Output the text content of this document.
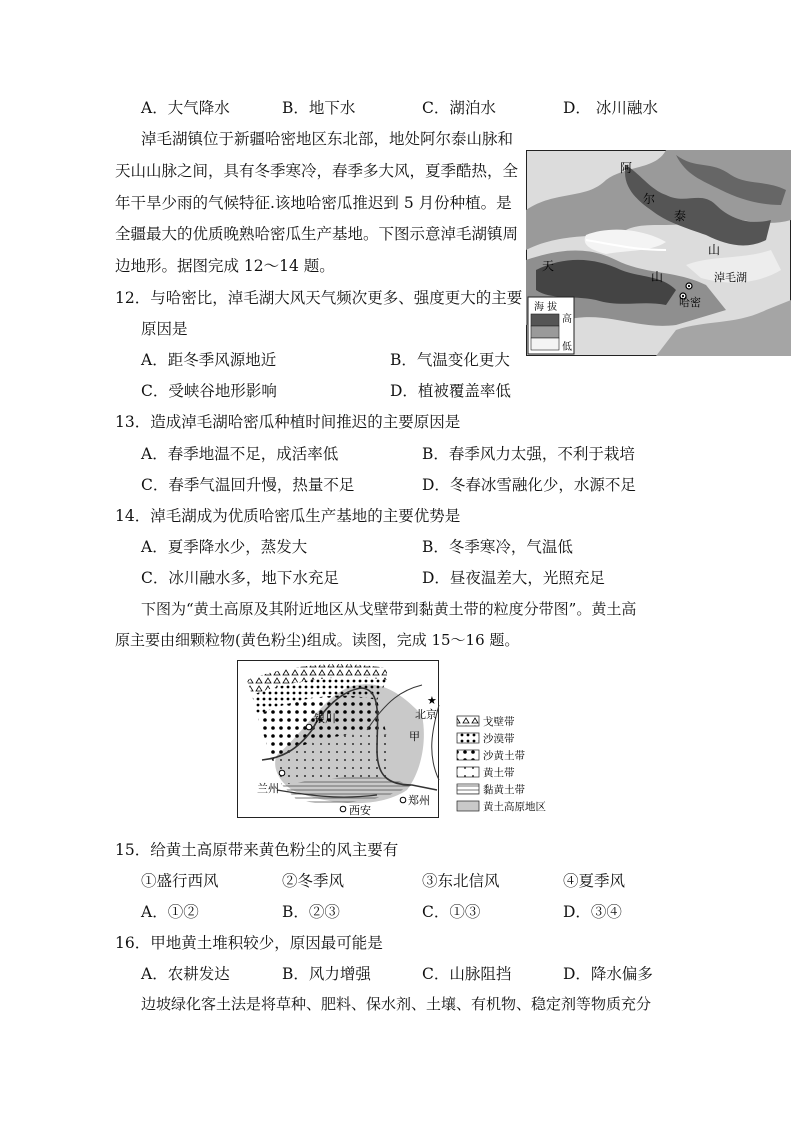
A．大气降水	B．地下水	C．湖泊水	D． 冰川融水
淖毛湖镇位于新疆哈密地区东北部，地处阿尔泰山脉和
天山山脉之间，具有冬季寒冷，春季多大风，夏季酷热，全
年干旱少雨的气候特征.该地哈密瓜推迟到 5 月份种植。是
全疆最大的优质晚熟哈密瓜生产基地。下图示意淖毛湖镇周
边地形。据图完成 12～14 题。
阿
尔
泰
山
天
山	淖毛湖
哈密
海 拔
高
低
12．与哈密比，淖毛湖大风天气频次更多、强度更大的主要
原因是
A．距冬季风源地近	B．气温变化更大
C．受峡谷地形影响	D．植被覆盖率低
13．造成淖毛湖哈密瓜种植时间推迟的主要原因是
A．春季地温不足，成活率低	B．春季风力太强，不利于栽培
C．春季气温回升慢，热量不足	D．冬春冰雪融化少，水源不足
14．淖毛湖成为优质哈密瓜生产基地的主要优势是
A．夏季降水少，蒸发大	B．冬季寒冷，气温低
C．冰川融水多，地下水充足	D．昼夜温差大，光照充足
下图为“黄土高原及其附近地区从戈壁带到黏黄土带的粒度分带图”。黄土高
原主要由细颗粒物(黄色粉尘)组成。读图，完成 15～16 题。
银川
★
北京
甲
兰州
西安
郑州
戈壁带
沙漠带
沙黄土带
黄土带
黏黄土带
黄土高原地区
15．给黄土高原带来黄色粉尘的风主要有
①盛行西风	②冬季风	③东北信风	④夏季风
A．①②	B．②③	C．①③	D．③④
16．甲地黄土堆积较少，原因最可能是
A．农耕发达	B．风力增强	C．山脉阻挡	D．降水偏多
边坡绿化客土法是将草种、肥料、保水剂、土壤、有机物、稳定剂等物质充分
